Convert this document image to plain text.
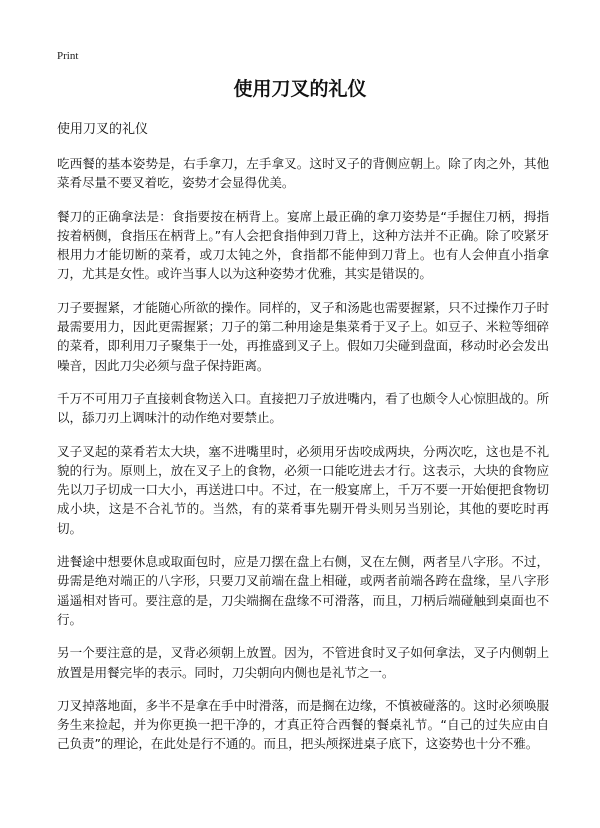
Print
使用刀叉的礼仪

使用刀叉的礼仪

吃西餐的基本姿势是，右手拿刀，左手拿叉。这时叉子的背侧应朝上。除了肉之外，其他菜肴尽量不要叉着吃，姿势才会显得优美。

餐刀的正确拿法是：食指要按在柄背上。宴席上最正确的拿刀姿势是“手握住刀柄，拇指按着柄侧，食指压在柄背上。”有人会把食指伸到刀背上，这种方法并不正确。除了咬紧牙根用力才能切断的菜肴，或刀太钝之外，食指都不能伸到刀背上。也有人会伸直小指拿刀，尤其是女性。或许当事人以为这种姿势才优雅，其实是错误的。

刀子要握紧，才能随心所欲的操作。同样的，叉子和汤匙也需要握紧，只不过操作刀子时最需要用力，因此更需握紧；刀子的第二种用途是集菜肴于叉子上。如豆子、米粒等细碎的菜肴，即利用刀子聚集于一处，再推盛到叉子上。假如刀尖碰到盘面，移动时必会发出噪音，因此刀尖必须与盘子保持距离。

千万不可用刀子直接刺食物送入口。直接把刀子放进嘴内，看了也颇令人心惊胆战的。所以，舔刀刃上调味汁的动作绝对要禁止。

叉子叉起的菜肴若太大块，塞不进嘴里时，必须用牙齿咬成两块，分两次吃，这也是不礼貌的行为。原则上，放在叉子上的食物，必须一口能吃进去才行。这表示，大块的食物应先以刀子切成一口大小，再送进口中。不过，在一般宴席上，千万不要一开始便把食物切成小块，这是不合礼节的。当然，有的菜肴事先剔开骨头则另当别论，其他的要吃时再切。

进餐途中想要休息或取面包时，应是刀摆在盘上右侧，叉在左侧，两者呈八字形。不过，毋需是绝对端正的八字形，只要刀叉前端在盘上相碰，或两者前端各跨在盘缘，呈八字形遥遥相对皆可。要注意的是，刀尖端搁在盘缘不可滑落，而且，刀柄后端碰触到桌面也不行。

另一个要注意的是，叉背必须朝上放置。因为，不管进食时叉子如何拿法，叉子内侧朝上放置是用餐完毕的表示。同时，刀尖朝向内侧也是礼节之一。

刀叉掉落地面，多半不是拿在手中时滑落，而是搁在边缘，不慎被碰落的。这时必须唤服务生来捡起，并为你更换一把干净的，才真正符合西餐的餐桌礼节。“自己的过失应由自己负责”的理论，在此处是行不通的。而且，把头颅探进桌子底下，这姿势也十分不雅。
